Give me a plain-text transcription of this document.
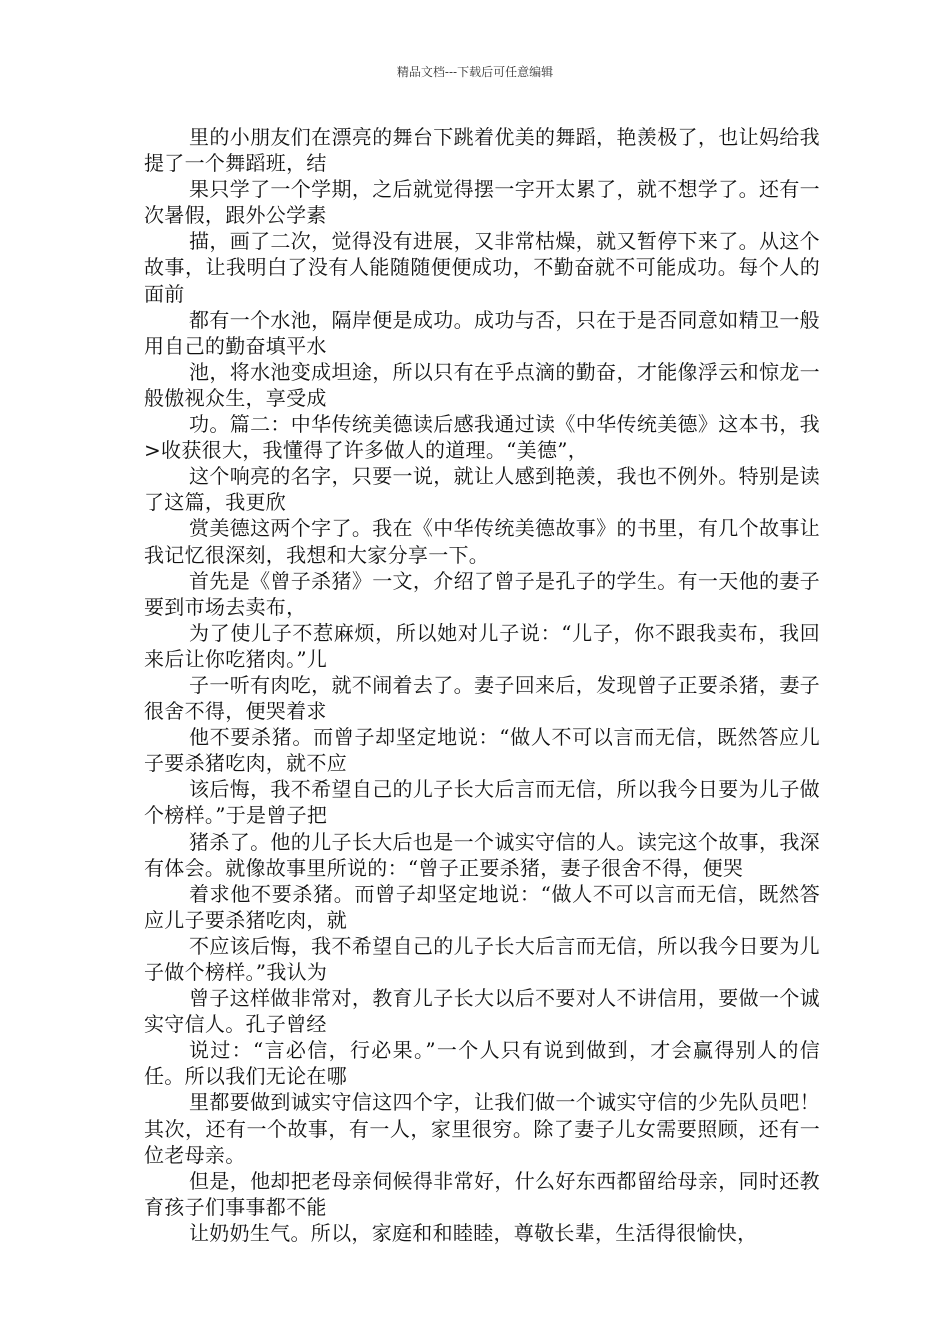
精品文档---下载后可任意编辑

里的小朋友们在漂亮的舞台下跳着优美的舞蹈，艳羡极了，也让妈给我提了一个舞蹈班，结

果只学了一个学期，之后就觉得摆一字开太累了，就不想学了。还有一次暑假，跟外公学素

描，画了二次，觉得没有进展，又非常枯燥，就又暂停下来了。从这个故事，让我明白了没有人能随随便便成功，不勤奋就不可能成功。每个人的面前

都有一个水池，隔岸便是成功。成功与否，只在于是否同意如精卫一般用自己的勤奋填平水

池，将水池变成坦途，所以只有在乎点滴的勤奋，才能像浮云和惊龙一般傲视众生，享受成

功。篇二：中华传统美德读后感我通过读《中华传统美德》这本书，我>收获很大，我懂得了许多做人的道理。“美德”，

这个响亮的名字，只要一说，就让人感到艳羡，我也不例外。特别是读了这篇，我更欣

赏美德这两个字了。我在《中华传统美德故事》的书里，有几个故事让我记忆很深刻，我想和大家分享一下。

首先是《曾子杀猪》一文，介绍了曾子是孔子的学生。有一天他的妻子要到市场去卖布，

为了使儿子不惹麻烦，所以她对儿子说：“儿子，你不跟我卖布，我回来后让你吃猪肉。”儿

子一听有肉吃，就不闹着去了。妻子回来后，发现曾子正要杀猪，妻子很舍不得，便哭着求

他不要杀猪。而曾子却坚定地说：“做人不可以言而无信，既然答应儿子要杀猪吃肉，就不应

该后悔，我不希望自己的儿子长大后言而无信，所以我今日要为儿子做个榜样。”于是曾子把

猪杀了。他的儿子长大后也是一个诚实守信的人。读完这个故事，我深有体会。就像故事里所说的：“曾子正要杀猪，妻子很舍不得，便哭

着求他不要杀猪。而曾子却坚定地说：“做人不可以言而无信，既然答应儿子要杀猪吃肉，就

不应该后悔，我不希望自己的儿子长大后言而无信，所以我今日要为儿子做个榜样。”我认为

曾子这样做非常对，教育儿子长大以后不要对人不讲信用，要做一个诚实守信人。孔子曾经

说过：“言必信，行必果。”一个人只有说到做到，才会赢得别人的信任。所以我们无论在哪

里都要做到诚实守信这四个字，让我们做一个诚实守信的少先队员吧！其次，还有一个故事，有一人，家里很穷。除了妻子儿女需要照顾，还有一位老母亲。

但是，他却把老母亲伺候得非常好，什么好东西都留给母亲，同时还教育孩子们事事都不能

让奶奶生气。所以，家庭和和睦睦，尊敬长辈，生活得很愉快，
